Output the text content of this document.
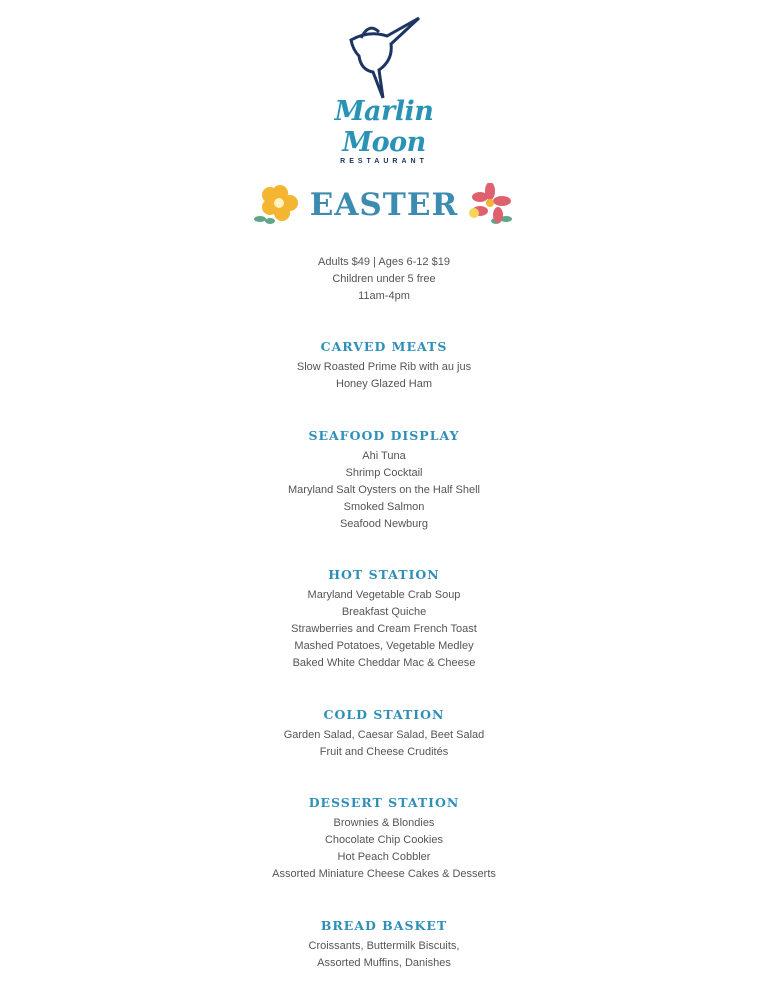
Marlin Moon
RESTAURANT
EASTER
Adults $49 | Ages 6-12 $19
Children under 5 free
11am-4pm
CARVED MEATS
Slow Roasted Prime Rib with au jus
Honey Glazed Ham
SEAFOOD DISPLAY
Ahi Tuna
Shrimp Cocktail
Maryland Salt Oysters on the Half Shell
Smoked Salmon
Seafood Newburg
HOT STATION
Maryland Vegetable Crab Soup
Breakfast Quiche
Strawberries and Cream French Toast
Mashed Potatoes, Vegetable Medley
Baked White Cheddar Mac & Cheese
COLD STATION
Garden Salad, Caesar Salad, Beet Salad
Fruit and Cheese Crudités
DESSERT STATION
Brownies & Blondies
Chocolate Chip Cookies
Hot Peach Cobbler
Assorted Miniature Cheese Cakes & Desserts
BREAD BASKET
Croissants, Buttermilk Biscuits,
Assorted Muffins, Danishes
